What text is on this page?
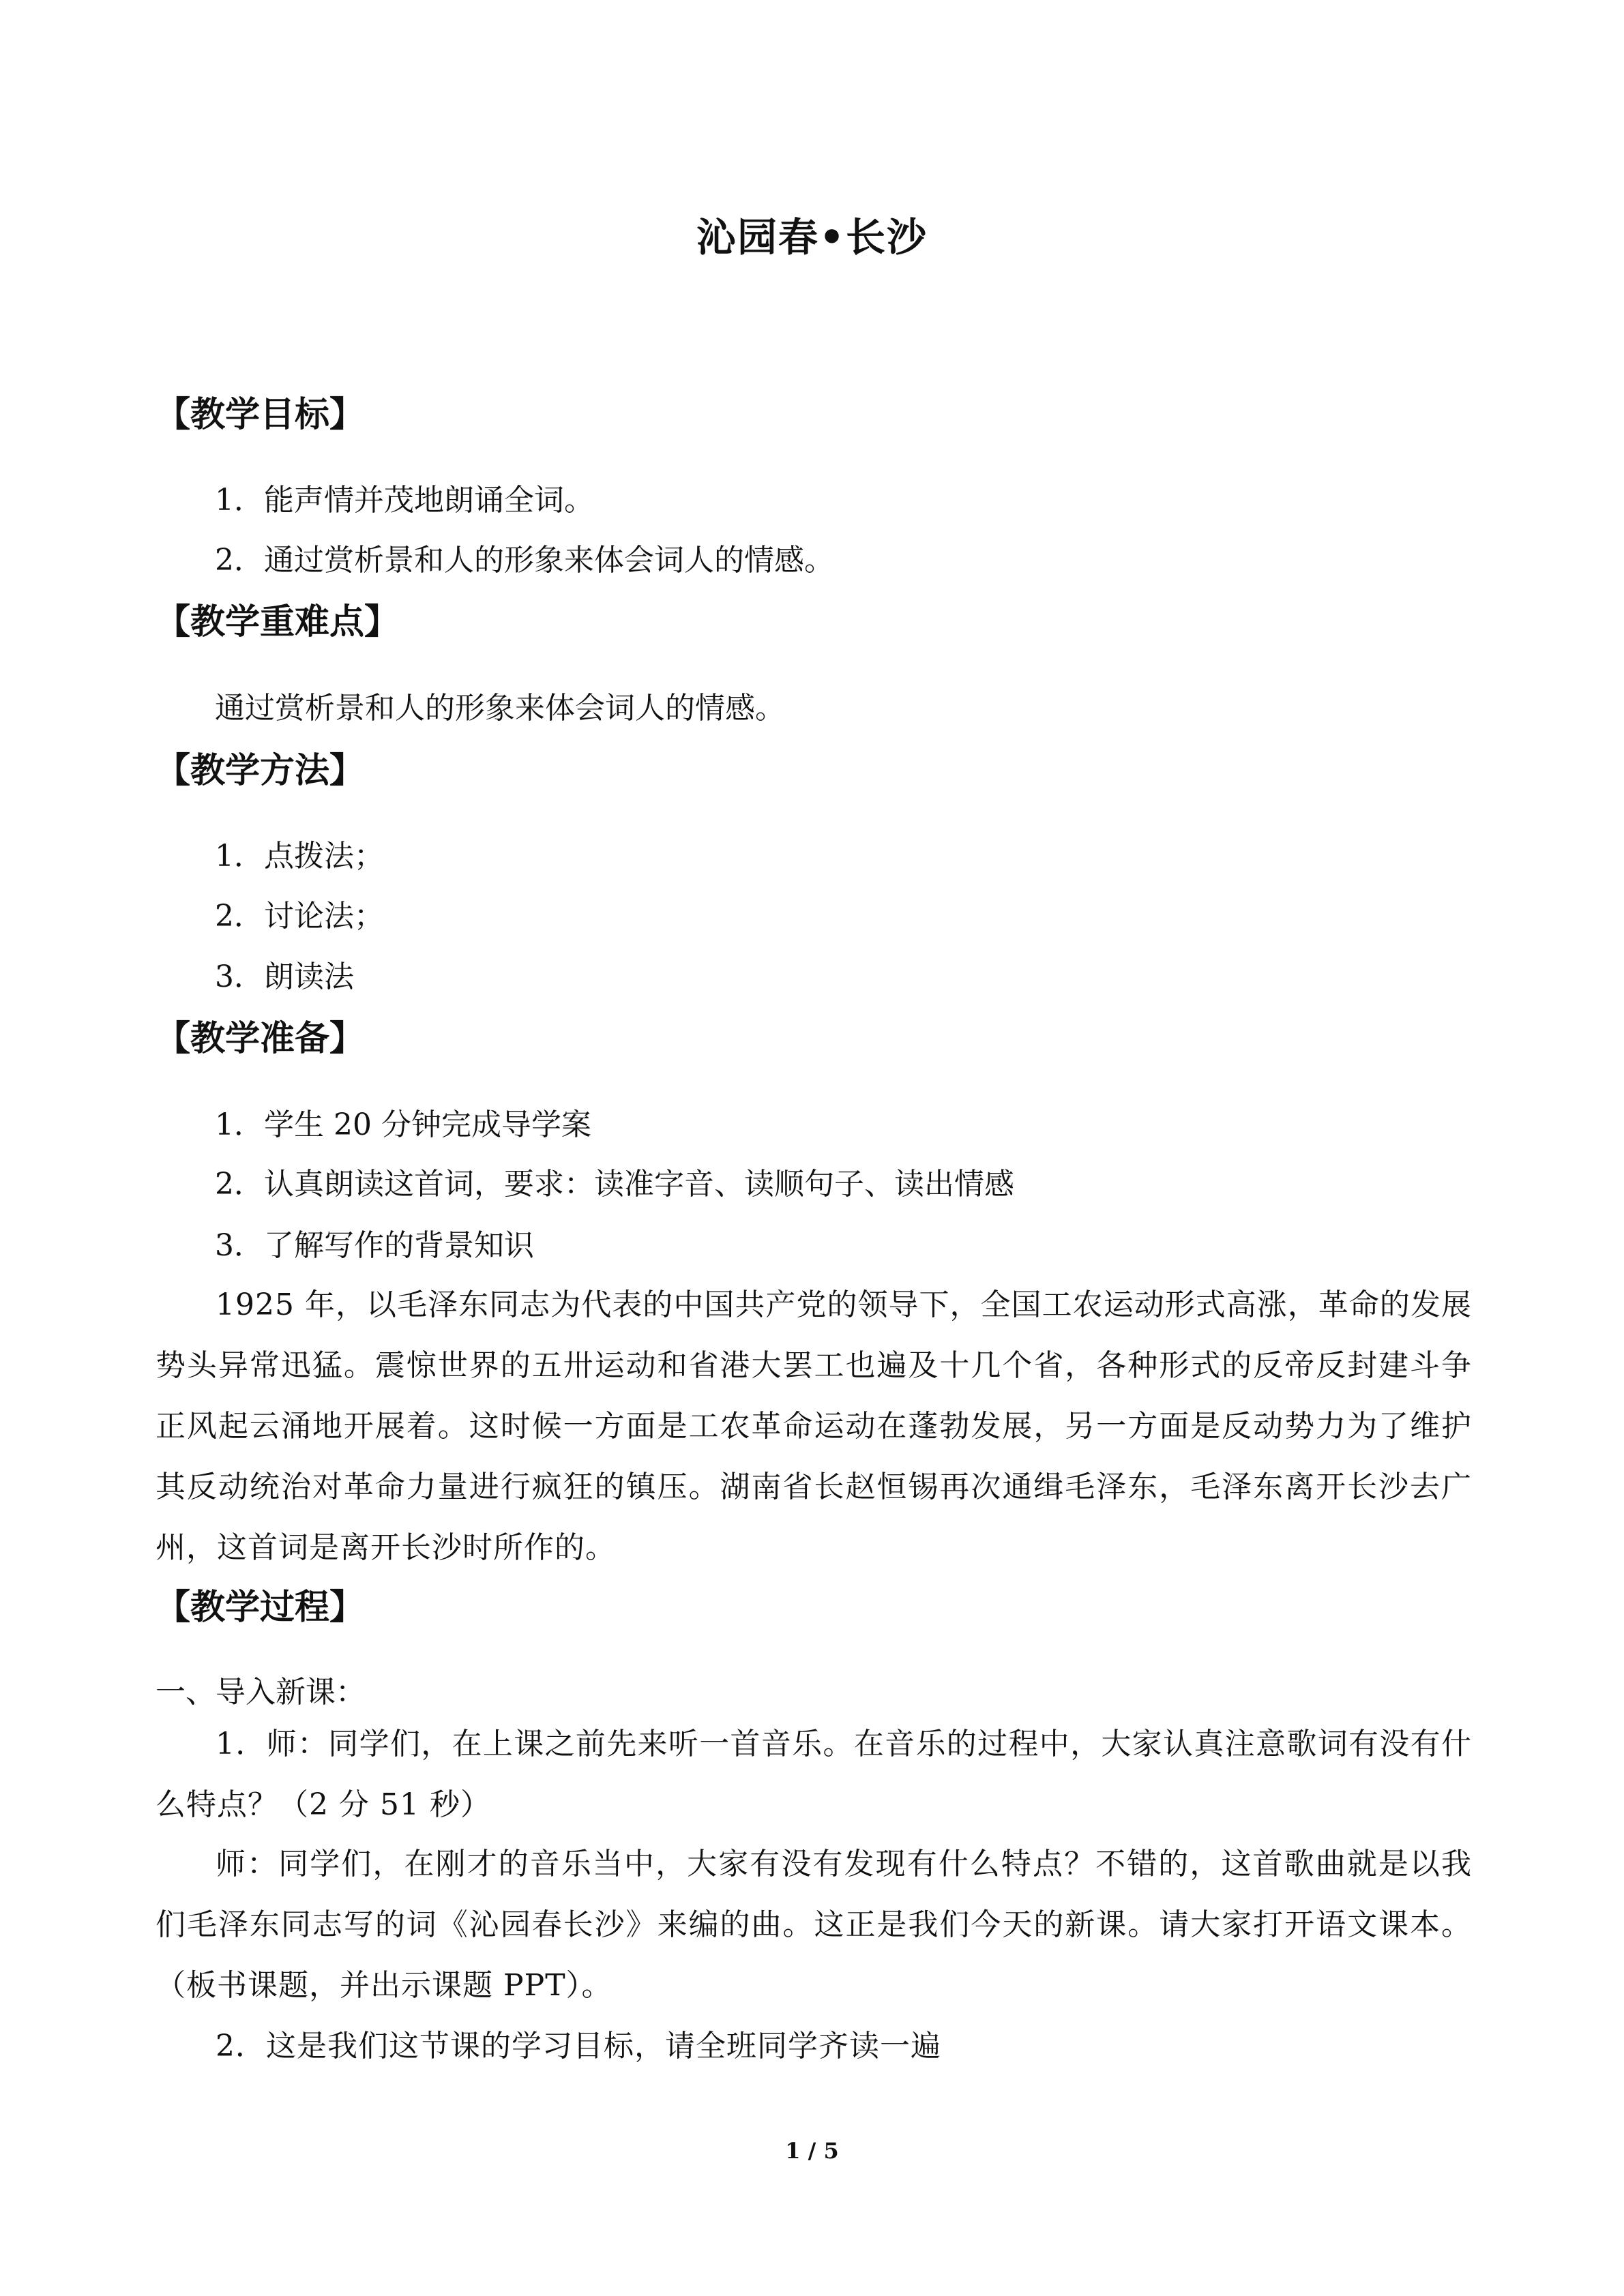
沁园春•长沙
【教学目标】
1．能声情并茂地朗诵全词。
2．通过赏析景和人的形象来体会词人的情感。
【教学重难点】
通过赏析景和人的形象来体会词人的情感。
【教学方法】
1．点拨法；
2．讨论法；
3．朗读法
【教学准备】
1．学生 20 分钟完成导学案
2．认真朗读这首词，要求：读准字音、读顺句子、读出情感
3．了解写作的背景知识
1925 年，以毛泽东同志为代表的中国共产党的领导下，全国工农运动形式高涨，革命的发展势头异常迅猛。震惊世界的五卅运动和省港大罢工也遍及十几个省，各种形式的反帝反封建斗争正风起云涌地开展着。这时候一方面是工农革命运动在蓬勃发展，另一方面是反动势力为了维护其反动统治对革命力量进行疯狂的镇压。湖南省长赵恒锡再次通缉毛泽东，毛泽东离开长沙去广州，这首词是离开长沙时所作的。
【教学过程】
一、导入新课：
1．师：同学们，在上课之前先来听一首音乐。在音乐的过程中，大家认真注意歌词有没有什么特点？（2 分 51 秒）
师：同学们，在刚才的音乐当中，大家有没有发现有什么特点？不错的，这首歌曲就是以我们毛泽东同志写的词《沁园春长沙》来编的曲。这正是我们今天的新课。请大家打开语文课本。（板书课题，并出示课题 PPT）。
2．这是我们这节课的学习目标，请全班同学齐读一遍
1 / 5
